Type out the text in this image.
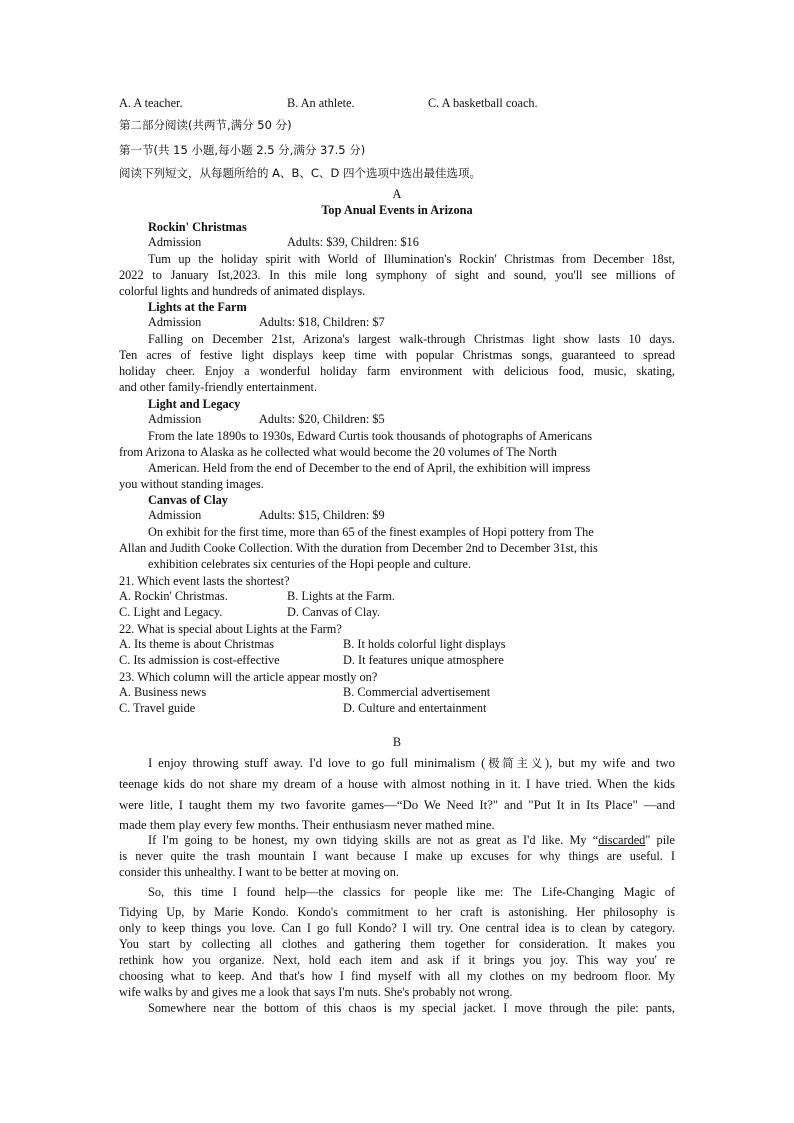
A. A teacher.	B. An athlete.	C. A basketball coach.
第二部分阅读(共两节,满分 50 分)
第一节(共 15 小题,每小题 2.5 分,满分 37.5 分)
阅读下列短文，从每题所给的 A、B、C、D 四个选项中选出最佳选项。
A
Top Anual Events in Arizona
Rockin' Christmas
Admission	Adults: $39, Children: $16
Tum up the holiday spirit with World of Illumination's Rockin' Christmas from December 18st,
2022 to January Ist,2023. In this mile long symphony of sight and sound, you'll see millions of
colorful lights and hundreds of animated displays.
Lights at the Farm
Admission	Adults: $18, Children: $7
Falling on December 21st, Arizona's largest walk-through Christmas light show lasts 10 days.
Ten acres of festive light displays keep time with popular Christmas songs, guaranteed to spread
holiday cheer. Enjoy a wonderful holiday farm environment with delicious food, music, skating,
and other family-friendly entertainment.
Light and Legacy
Admission	Adults: $20, Children: $5
From the late 1890s to 1930s, Edward Curtis took thousands of photographs of Americans
from Arizona to Alaska as he collected what would become the 20 volumes of The North
American. Held from the end of December to the end of April, the exhibition will impress
you without standing images.
Canvas of Clay
Admission	Adults: $15, Children: $9
On exhibit for the first time, more than 65 of the finest examples of Hopi pottery from The
Allan and Judith Cooke Collection. With the duration from December 2nd to December 31st, this
exhibition celebrates six centuries of the Hopi people and culture.
21. Which event lasts the shortest?
A. Rockin' Christmas.	B. Lights at the Farm.
C. Light and Legacy.	D. Canvas of Clay.
22. What is special about Lights at the Farm?
A. Its theme is about Christmas	B. It holds colorful light displays
C. Its admission is cost-effective	D. It features unique atmosphere
23. Which column will the article appear mostly on?
A. Business news	B. Commercial advertisement
C. Travel guide	D. Culture and entertainment
B
I enjoy throwing stuff away. I'd love to go full minimalism (极简主义), but my wife and two
teenage kids do not share my dream of a house with almost nothing in it. I have tried. When the kids
were litle, I taught them my two favorite games—“Do We Need It?" and "Put It in Its Place" —and
made them play every few months. Their enthusiasm never mathed mine.
If I'm going to be honest, my own tidying skills are not as great as I'd like. My “discarded" pile
is never quite the trash mountain I want because I make up excuses for why things are useful. I
consider this unhealthy. I want to be better at moving on.
So, this time I found help—the classics for people like me: The Life-Changing Magic of
Tidying Up, by Marie Kondo. Kondo's commitment to her craft is astonishing. Her philosophy is
only to keep things you love. Can I go full Kondo? I will try. One central idea is to clean by category.
You start by collecting all clothes and gathering them together for consideration. It makes you
rethink how you organize. Next, hold each item and ask if it brings you joy. This way you' re
choosing what to keep. And that's how I find myself with all my clothes on my bedroom floor. My
wife walks by and gives me a look that says I'm nuts. She's probably not wrong.
Somewhere near the bottom of this chaos is my special jacket. I move through the pile: pants,
